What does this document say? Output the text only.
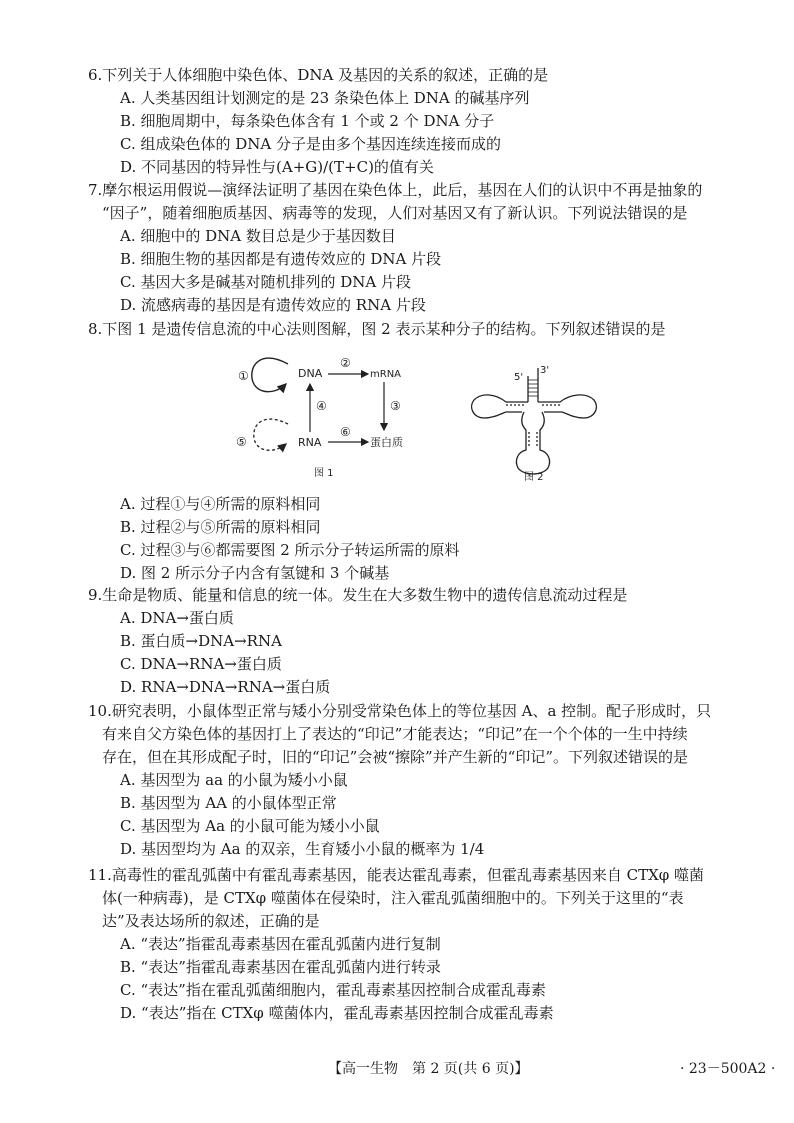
6.下列关于人体细胞中染色体、DNA 及基因的关系的叙述，正确的是
A. 人类基因组计划测定的是 23 条染色体上 DNA 的碱基序列
B. 细胞周期中，每条染色体含有 1 个或 2 个 DNA 分子
C. 组成染色体的 DNA 分子是由多个基因连续连接而成的
D. 不同基因的特异性与(A+G)/(T+C)的值有关
7.摩尔根运用假说—演绎法证明了基因在染色体上，此后，基因在人们的认识中不再是抽象的
“因子”，随着细胞质基因、病毒等的发现，人们对基因又有了新认识。下列说法错误的是
A. 细胞中的 DNA 数目总是少于基因数目
B. 细胞生物的基因都是有遗传效应的 DNA 片段
C. 基因大多是碱基对随机排列的 DNA 片段
D. 流感病毒的基因是有遗传效应的 RNA 片段
8.下图 1 是遗传信息流的中心法则图解，图 2 表示某种分子的结构。下列叙述错误的是
①	DNA
②
mRNA
③
④
⑤	RNA
⑥
蛋白质
图 1
5'
3'
图 2
A. 过程①与④所需的原料相同
B. 过程②与⑤所需的原料相同
C. 过程③与⑥都需要图 2 所示分子转运所需的原料
D. 图 2 所示分子内含有氢键和 3 个碱基
9.生命是物质、能量和信息的统一体。发生在大多数生物中的遗传信息流动过程是
A. DNA→蛋白质
B. 蛋白质→DNA→RNA
C. DNA→RNA→蛋白质
D. RNA→DNA→RNA→蛋白质
10.研究表明，小鼠体型正常与矮小分别受常染色体上的等位基因 A、a 控制。配子形成时，只
有来自父方染色体的基因打上了表达的“印记”才能表达；“印记”在一个个体的一生中持续
存在，但在其形成配子时，旧的“印记”会被“擦除”并产生新的“印记”。下列叙述错误的是
A. 基因型为 aa 的小鼠为矮小小鼠
B. 基因型为 AA 的小鼠体型正常
C. 基因型为 Aa 的小鼠可能为矮小小鼠
D. 基因型均为 Aa 的双亲，生育矮小小鼠的概率为 1/4
11.高毒性的霍乱弧菌中有霍乱毒素基因，能表达霍乱毒素，但霍乱毒素基因来自 CTXφ 噬菌
体(一种病毒)，是 CTXφ 噬菌体在侵染时，注入霍乱弧菌细胞中的。下列关于这里的“表
达”及表达场所的叙述，正确的是
A. “表达”指霍乱毒素基因在霍乱弧菌内进行复制
B. “表达”指霍乱毒素基因在霍乱弧菌内进行转录
C. “表达”指在霍乱弧菌细胞内，霍乱毒素基因控制合成霍乱毒素
D. “表达”指在 CTXφ 噬菌体内，霍乱毒素基因控制合成霍乱毒素
【高一生物　第 2 页(共 6 页)】	· 23－500A2 ·
